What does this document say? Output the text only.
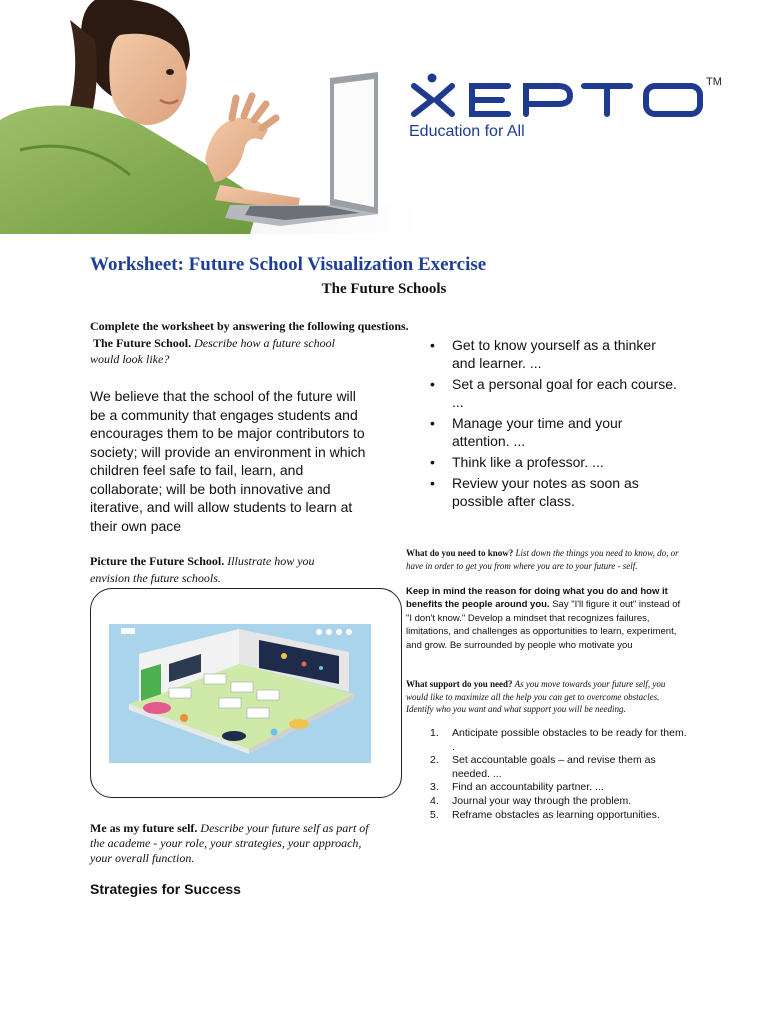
TM
Education for All
Worksheet: Future School Visualization Exercise
The Future Schools
Complete the worksheet by answering the following questions.
The Future School. Describe how a future school would look like?
We believe that the school of the future will be a community that engages students and encourages them to be major contributors to society; will provide an environment in which children feel safe to fail, learn, and collaborate; will be both innovative and iterative, and will allow students to learn at their own pace
Picture the Future School. Illustrate how you envision the future schools.
Me as my future self. Describe your future self as part of the academe - your role, your strategies, your approach, your overall function.
Strategies for Success
• Get to know yourself as a thinker and learner. ...
• Set a personal goal for each course. ...
• Manage your time and your attention. ...
• Think like a professor. ...
• Review your notes as soon as possible after class.
What do you need to know? List down the things you need to know, do, or have in order to get you from where you are to your future - self.
Keep in mind the reason for doing what you do and how it benefits the people around you. Say "I'll figure it out" instead of "I don't know." Develop a mindset that recognizes failures, limitations, and challenges as opportunities to learn, experiment, and grow. Be surrounded by people who motivate you
What support do you need? As you move towards your future self, you would like to maximize all the help you can get to overcome obstacles. Identify who you want and what support you will be needing.
1. Anticipate possible obstacles to be ready for them. .
2. Set accountable goals – and revise them as needed. ...
3. Find an accountability partner. ...
4. Journal your way through the problem.
5. Reframe obstacles as learning opportunities.
